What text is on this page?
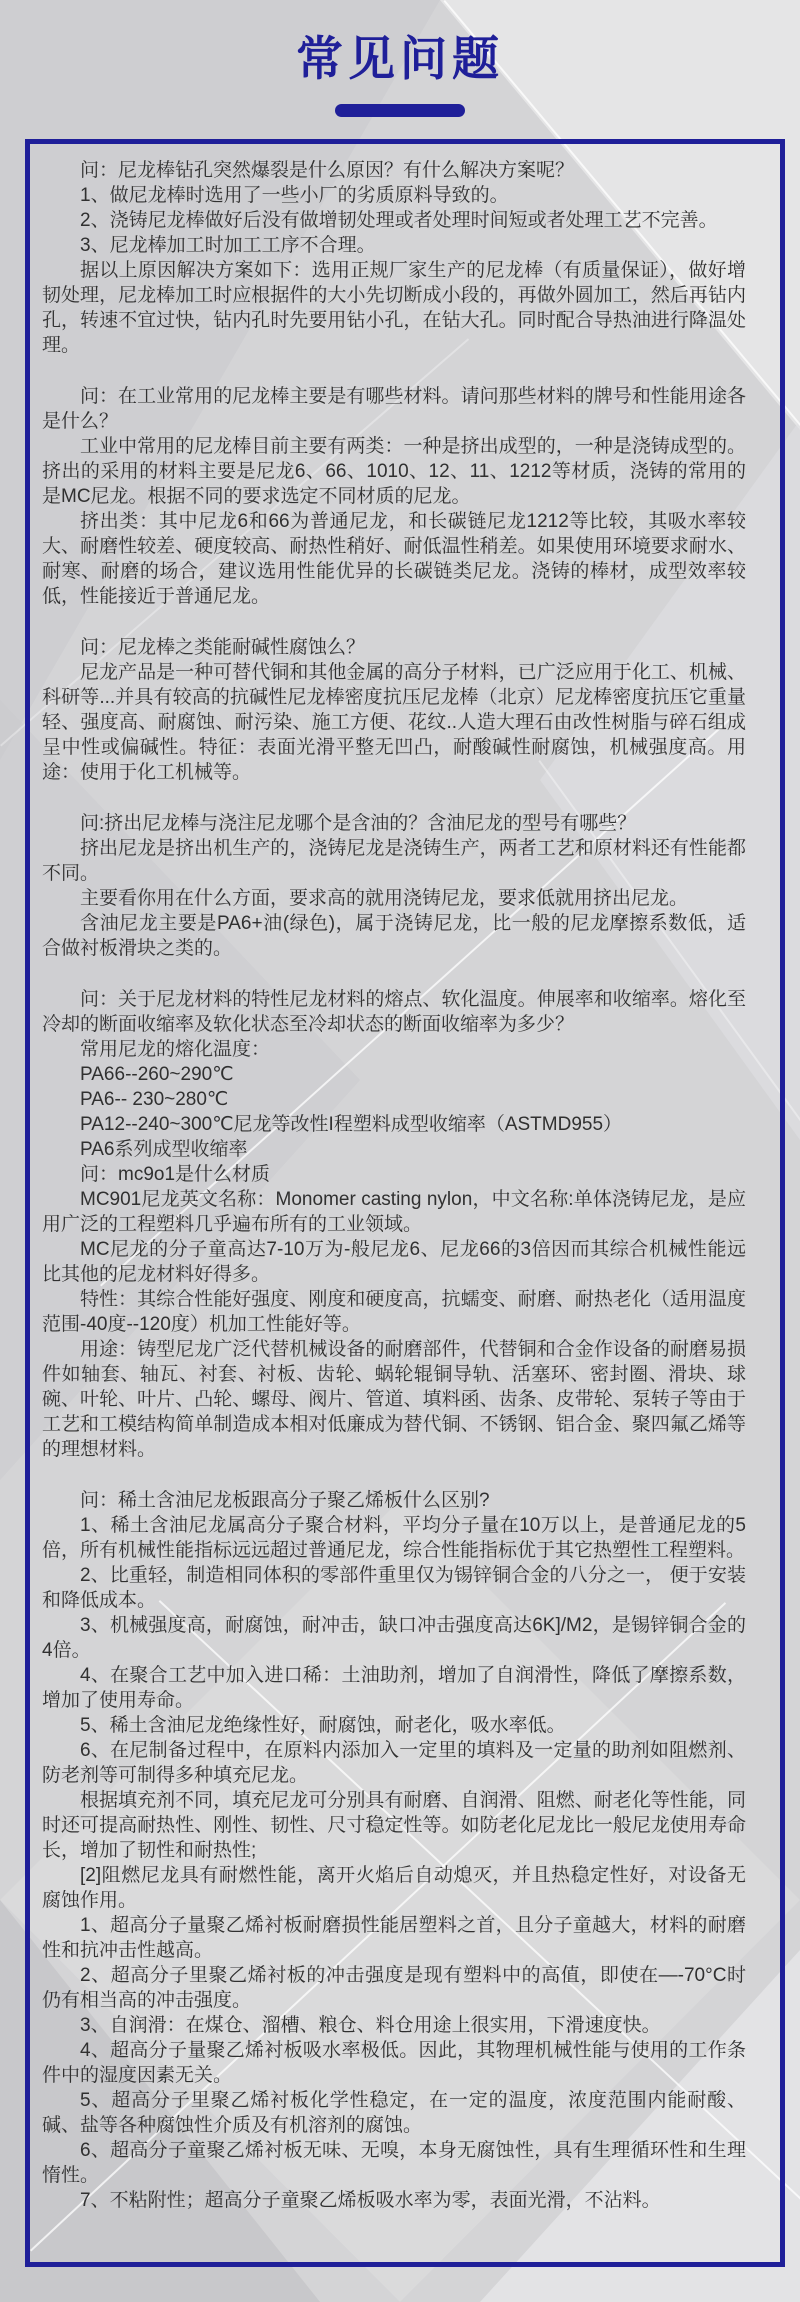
常见问题

问：尼龙棒钻孔突然爆裂是什么原因？有什么解决方案呢？

1、做尼龙棒时选用了一些小厂的劣质原料导致的。

2、浇铸尼龙棒做好后没有做增韧处理或者处理时间短或者处理工艺不完善。

3、尼龙棒加工时加工工序不合理。

据以上原因解决方案如下：选用正规厂家生产的尼龙棒（有质量保证），做好增韧处理，尼龙棒加工时应根据件的大小先切断成小段的，再做外圆加工，然后再钻内孔，转速不宜过快，钻内孔时先要用钻小孔，在钻大孔。同时配合导热油进行降温处理。

问：在工业常用的尼龙棒主要是有哪些材料。请问那些材料的牌号和性能用途各是什么？

工业中常用的尼龙棒目前主要有两类：一种是挤出成型的，一种是浇铸成型的。挤出的采用的材料主要是尼龙6、66、1010、12、11、1212等材质，浇铸的常用的是MC尼龙。根据不同的要求选定不同材质的尼龙。

挤出类：其中尼龙6和66为普通尼龙，和长碳链尼龙1212等比较，其吸水率较大、耐磨性较差、硬度较高、耐热性稍好、耐低温性稍差。如果使用环境要求耐水、耐寒、耐磨的场合，建议选用性能优异的长碳链类尼龙。浇铸的棒材，成型效率较低，性能接近于普通尼龙。

问：尼龙棒之类能耐碱性腐蚀么？

尼龙产品是一种可替代铜和其他金属的高分子材料，已广泛应用于化工、机械、科研等...并具有较高的抗碱性尼龙棒密度抗压尼龙棒（北京）尼龙棒密度抗压它重量轻、强度高、耐腐蚀、耐污染、施工方便、花纹..人造大理石由改性树脂与碎石组成呈中性或偏碱性。特征：表面光滑平整无凹凸，耐酸碱性耐腐蚀，机械强度高。用途：使用于化工机械等。

问:挤出尼龙棒与浇注尼龙哪个是含油的？含油尼龙的型号有哪些？

挤出尼龙是挤出机生产的，浇铸尼龙是浇铸生产，两者工艺和原材料还有性能都不同。

主要看你用在什么方面，要求高的就用浇铸尼龙，要求低就用挤出尼龙。

含油尼龙主要是PA6+油(绿色)，属于浇铸尼龙，比一般的尼龙摩擦系数低，适合做衬板滑块之类的。

问：关于尼龙材料的特性尼龙材料的熔点、软化温度。伸展率和收缩率。熔化至冷却的断面收缩率及软化状态至冷却状态的断面收缩率为多少？

常用尼龙的熔化温度：

PA66--260~290℃

PA6-- 230~280℃

PA12--240~300℃尼龙等改性I程塑料成型收缩率（ASTMD955）

PA6系列成型收缩率

问：mc9o1是什么材质

MC901尼龙英文名称：Monomer casting nylon，中文名称:单体浇铸尼龙，是应用广泛的工程塑料几乎遍布所有的工业领域。

MC尼龙的分子童高达7-10万为-般尼龙6、尼龙66的3倍因而其综合机械性能远比其他的尼龙材料好得多。

特性：其综合性能好强度、刚度和硬度高，抗蠕变、耐磨、耐热老化（适用温度范围-40度--120度）机加工性能好等。

用途：铸型尼龙广泛代替机械设备的耐磨部件，代替铜和合金作设备的耐磨易损件如轴套、轴瓦、衬套、衬板、齿轮、蜗轮辊铜导轨、活塞环、密封圈、滑块、球碗、叶轮、叶片、凸轮、螺母、阀片、管道、填料函、齿条、皮带轮、泵转子等由于工艺和工模结构简单制造成本相对低廉成为替代铜、不锈钢、铝合金、聚四氟乙烯等的理想材料。

问：稀土含油尼龙板跟高分子聚乙烯板什么区别?

1、稀土含油尼龙属高分子聚合材料，平均分子量在10万以上，是普通尼龙的5倍，所有机械性能指标远远超过普通尼龙，综合性能指标优于其它热塑性工程塑料。

2、比重轻，制造相同体积的零部件重里仅为锡锌铜合金的八分之一， 便于安装和降低成本。

3、机械强度高，耐腐蚀，耐冲击，缺口冲击强度高达6K]/M2，是锡锌铜合金的4倍。

4、在聚合工艺中加入进口稀：土油助剂，增加了自润滑性，降低了摩擦系数，增加了使用寿命。

5、稀土含油尼龙绝缘性好，耐腐蚀，耐老化，吸水率低。

6、在尼制备过程中，在原料内添加入一定里的填料及一定量的助剂如阻燃剂、防老剂等可制得多种填充尼龙。

根据填充剂不同，填充尼龙可分别具有耐磨、自润滑、阻燃、耐老化等性能，同时还可提高耐热性、刚性、韧性、尺寸稳定性等。如防老化尼龙比一般尼龙使用寿命长，增加了韧性和耐热性;

[2]阻燃尼龙具有耐燃性能，离开火焰后自动熄灭，并且热稳定性好，对设备无腐蚀作用。

1、超高分子量聚乙烯衬板耐磨损性能居塑料之首，且分子童越大，材料的耐磨性和抗冲击性越高。

2、超高分子里聚乙烯衬板的冲击强度是现有塑料中的高值，即使在—-70°C时仍有相当高的冲击强度。

3、自润滑：在煤仓、溜槽、粮仓、料仓用途上很实用，下滑速度快。

4、超高分子量聚乙烯衬板吸水率极低。因此，其物理机械性能与使用的工作条件中的湿度因素无关。

5、超高分子里聚乙烯衬板化学性稳定，在一定的温度，浓度范围内能耐酸、碱、盐等各种腐蚀性介质及有机溶剂的腐蚀。

6、超高分子童聚乙烯衬板无味、无嗅，本身无腐蚀性，具有生理循环性和生理惰性。

7、不粘附性；超高分子童聚乙烯板吸水率为零，表面光滑，不沾料。
